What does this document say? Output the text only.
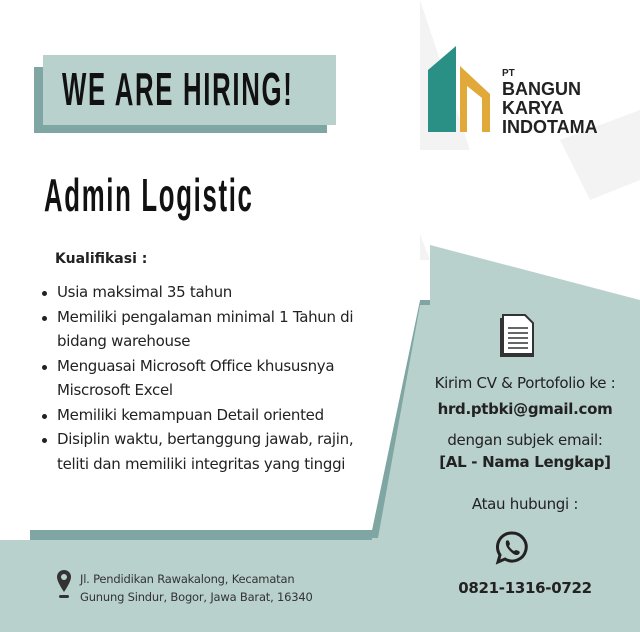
PT
BANGUN
KARYA
INDOTAMA
WE ARE HIRING!
Admin Logistic
Kualifikasi :
Usia maksimal 35 tahun
Memiliki pengalaman minimal 1 Tahun di bidang warehouse
Menguasai Microsoft Office khususnya Miscrosoft Excel
Memiliki kemampuan Detail oriented
Disiplin waktu, bertanggung jawab, rajin, teliti dan memiliki integritas yang tinggi
Kirim CV & Portofolio ke :
hrd.ptbki@gmail.com
dengan subjek email:
[AL - Nama Lengkap]
Atau hubungi :
0821-1316-0722
Jl. Pendidikan Rawakalong, Kecamatan
Gunung Sindur, Bogor, Jawa Barat, 16340
